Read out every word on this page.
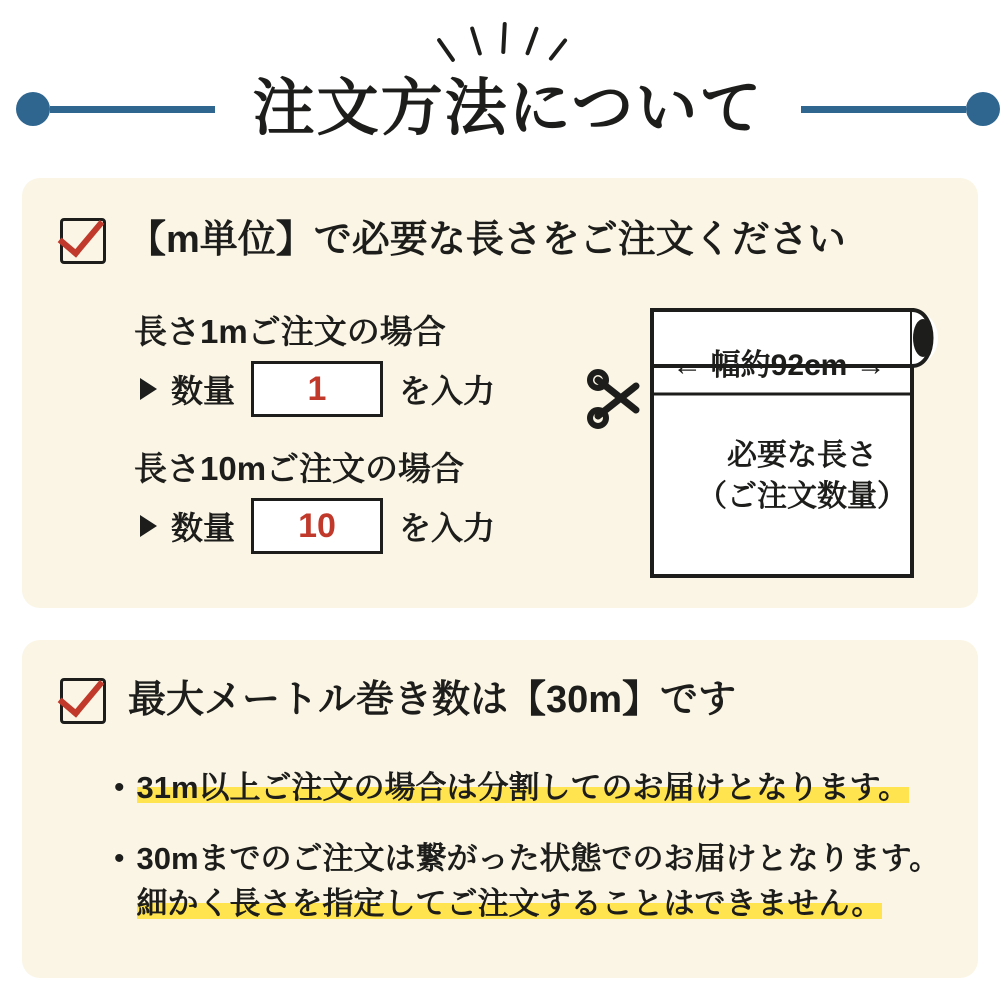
注文方法について
【m単位】で必要な長さをご注文ください
長さ1mご注文の場合
数量	1	を入力
長さ10mご注文の場合
数量	10	を入力
← 幅約92cm →
必要な長さ
（ご注文数量）
最大メートル巻き数は【30m】です
• 31m以上ご注文の場合は分割してのお届けとなります。
• 30mまでのご注文は繋がった状態でのお届けとなります。
細かく長さを指定してご注文することはできません。
